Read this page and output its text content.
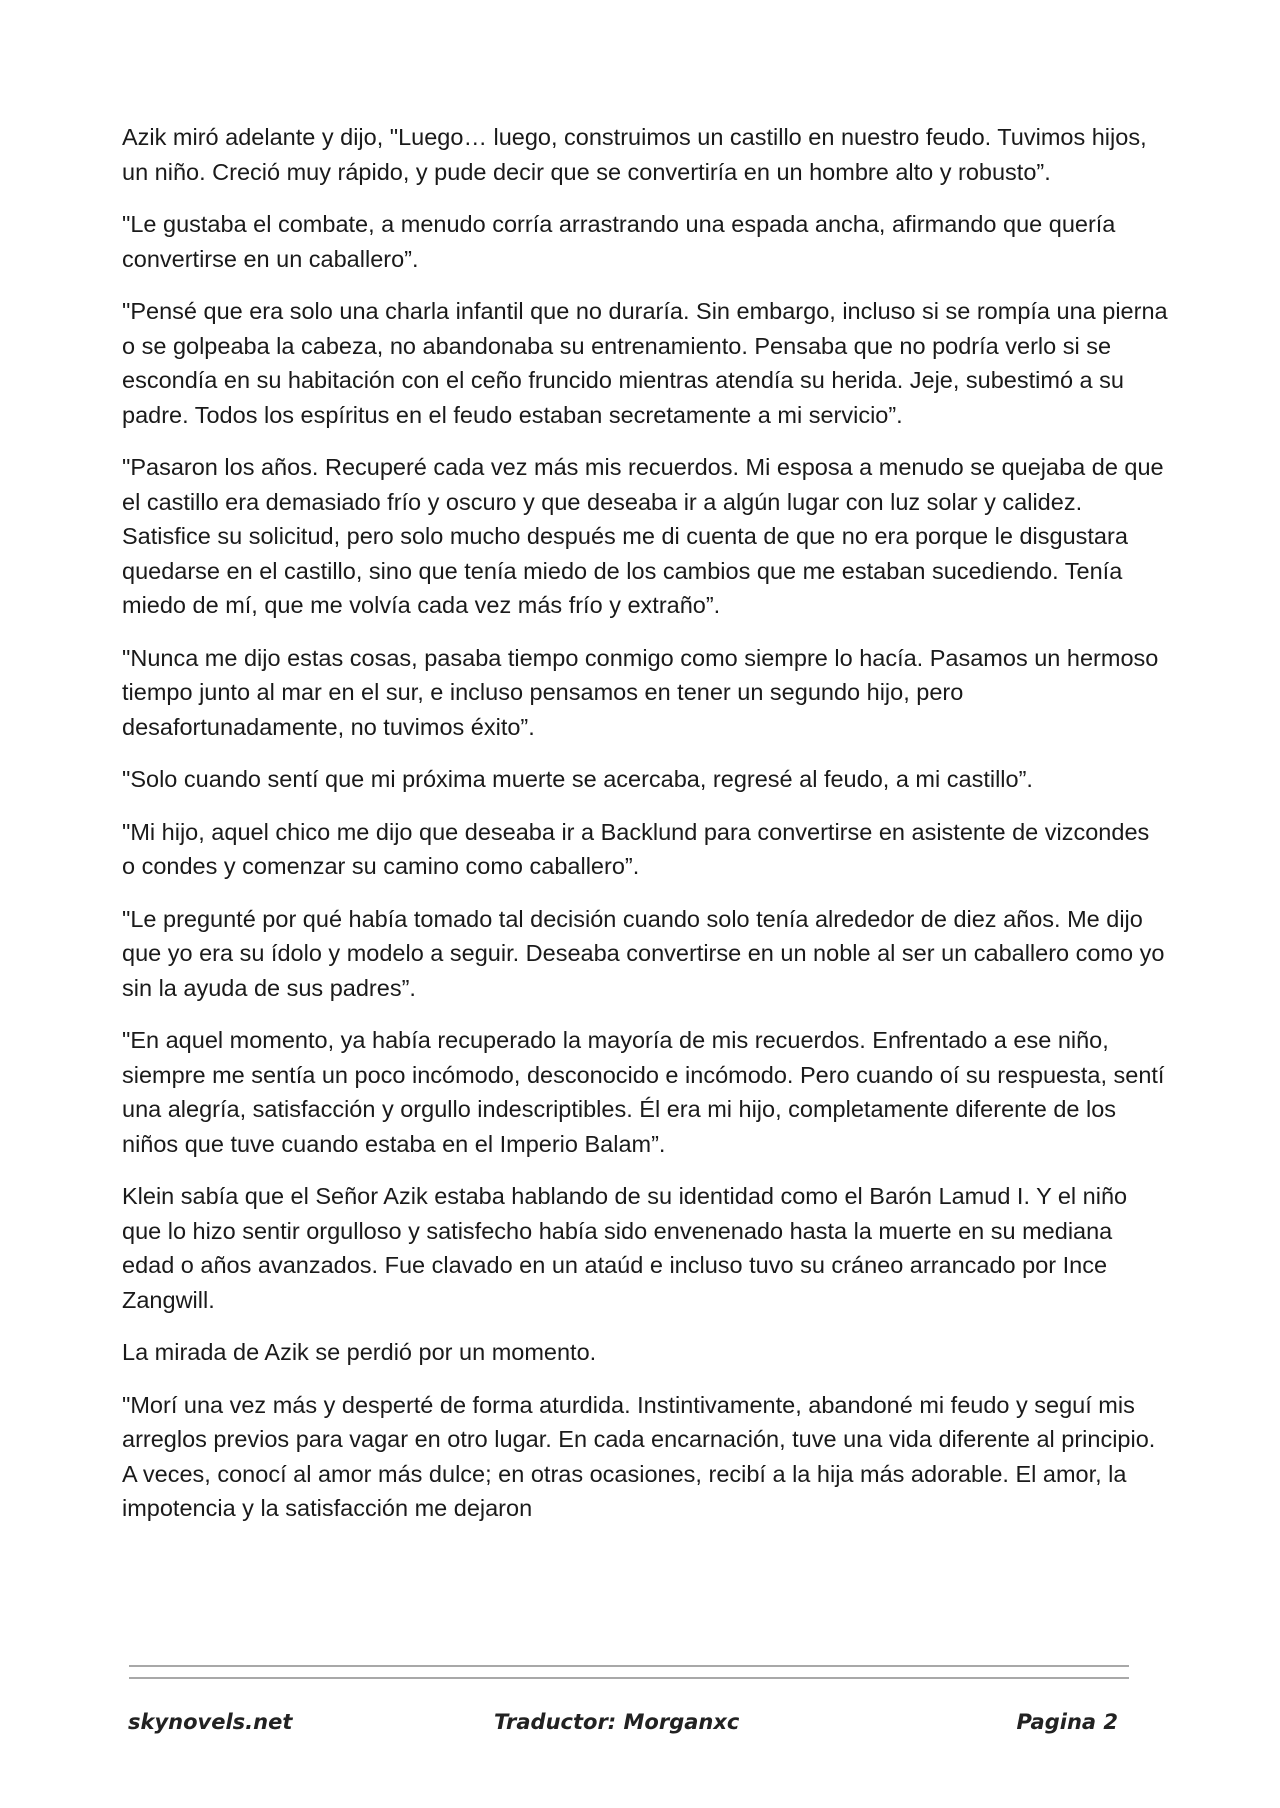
Azik miró adelante y dijo, "Luego… luego, construimos un castillo en nuestro feudo. Tuvimos hijos, un niño. Creció muy rápido, y pude decir que se convertiría en un hombre alto y robusto”.

"Le gustaba el combate, a menudo corría arrastrando una espada ancha, afirmando que quería convertirse en un caballero”.

"Pensé que era solo una charla infantil que no duraría. Sin embargo, incluso si se rompía una pierna o se golpeaba la cabeza, no abandonaba su entrenamiento. Pensaba que no podría verlo si se escondía en su habitación con el ceño fruncido mientras atendía su herida. Jeje, subestimó a su padre. Todos los espíritus en el feudo estaban secretamente a mi servicio”.

"Pasaron los años. Recuperé cada vez más mis recuerdos. Mi esposa a menudo se quejaba de que el castillo era demasiado frío y oscuro y que deseaba ir a algún lugar con luz solar y calidez. Satisfice su solicitud, pero solo mucho después me di cuenta de que no era porque le disgustara quedarse en el castillo, sino que tenía miedo de los cambios que me estaban sucediendo. Tenía miedo de mí, que me volvía cada vez más frío y extraño”.

"Nunca me dijo estas cosas, pasaba tiempo conmigo como siempre lo hacía. Pasamos un hermoso tiempo junto al mar en el sur, e incluso pensamos en tener un segundo hijo, pero desafortunadamente, no tuvimos éxito”.

"Solo cuando sentí que mi próxima muerte se acercaba, regresé al feudo, a mi castillo”.

"Mi hijo, aquel chico me dijo que deseaba ir a Backlund para convertirse en asistente de vizcondes o condes y comenzar su camino como caballero”.

"Le pregunté por qué había tomado tal decisión cuando solo tenía alrededor de diez años. Me dijo que yo era su ídolo y modelo a seguir. Deseaba convertirse en un noble al ser un caballero como yo sin la ayuda de sus padres”.

"En aquel momento, ya había recuperado la mayoría de mis recuerdos. Enfrentado a ese niño, siempre me sentía un poco incómodo, desconocido e incómodo. Pero cuando oí su respuesta, sentí una alegría, satisfacción y orgullo indescriptibles. Él era mi hijo, completamente diferente de los niños que tuve cuando estaba en el Imperio Balam”.

Klein sabía que el Señor Azik estaba hablando de su identidad como el Barón Lamud I. Y el niño que lo hizo sentir orgulloso y satisfecho había sido envenenado hasta la muerte en su mediana edad o años avanzados. Fue clavado en un ataúd e incluso tuvo su cráneo arrancado por Ince Zangwill.

La mirada de Azik se perdió por un momento.

"Morí una vez más y desperté de forma aturdida. Instintivamente, abandoné mi feudo y seguí mis arreglos previos para vagar en otro lugar. En cada encarnación, tuve una vida diferente al principio. A veces, conocí al amor más dulce; en otras ocasiones, recibí a la hija más adorable. El amor, la impotencia y la satisfacción me dejaron

skynovels.net	Traductor: Morganxc	Pagina 2
